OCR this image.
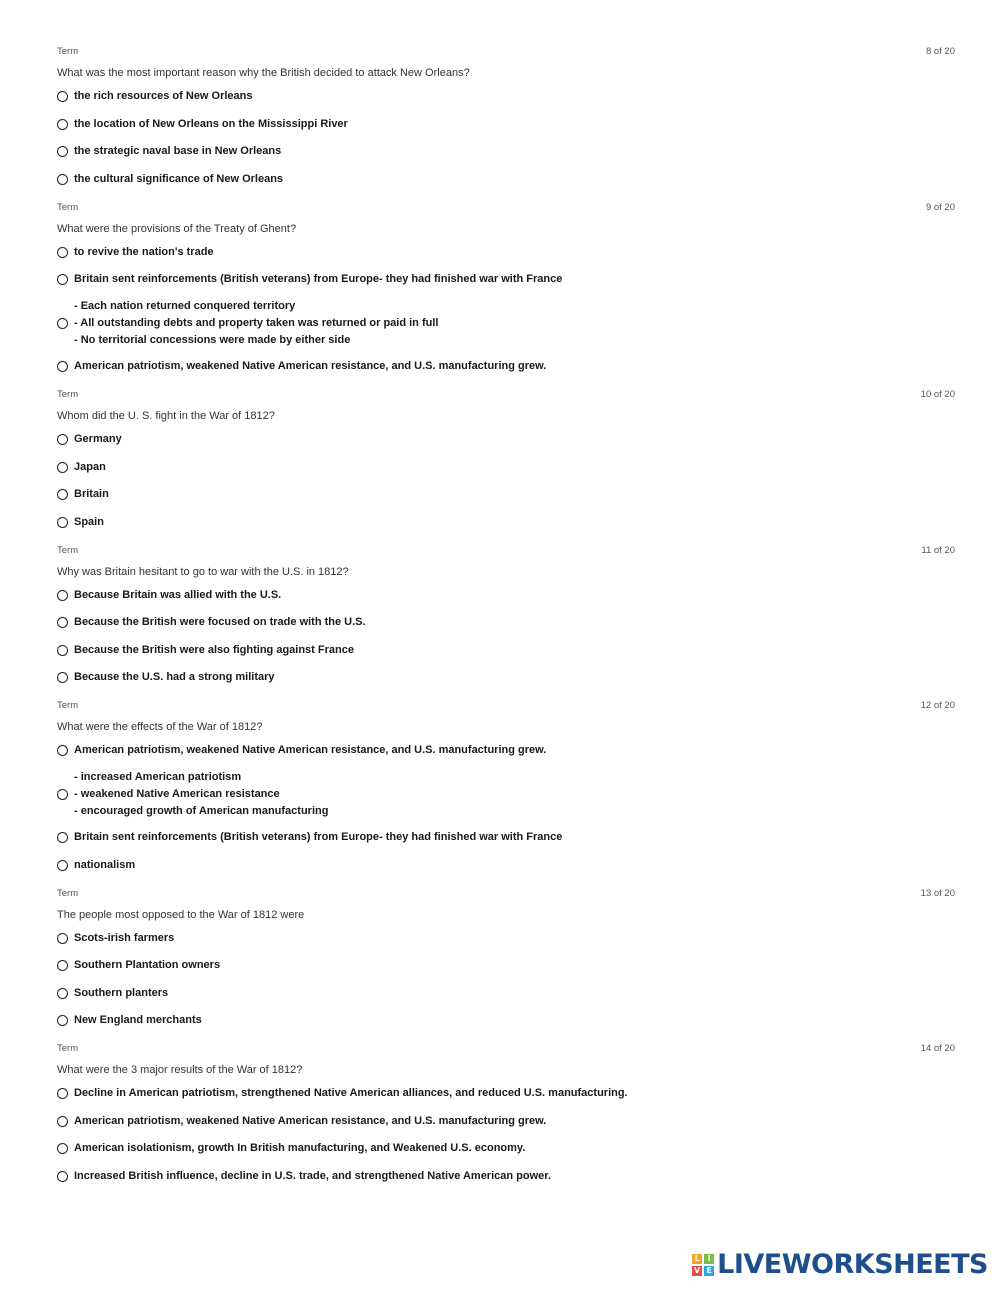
Term	8 of 20
What was the most important reason why the British decided to attack New Orleans?
the rich resources of New Orleans
the location of New Orleans on the Mississippi River
the strategic naval base in New Orleans
the cultural significance of New Orleans
Term	9 of 20
What were the provisions of the Treaty of Ghent?
to revive the nation's trade
Britain sent reinforcements (British veterans) from Europe- they had finished war with France
- Each nation returned conquered territory
- All outstanding debts and property taken was returned or paid in full
- No territorial concessions were made by either side
American patriotism, weakened Native American resistance, and U.S. manufacturing grew.
Term	10 of 20
Whom did the U. S. fight in the War of 1812?
Germany
Japan
Britain
Spain
Term	11 of 20
Why was Britain hesitant to go to war with the U.S. in 1812?
Because Britain was allied with the U.S.
Because the British were focused on trade with the U.S.
Because the British were also fighting against France
Because the U.S. had a strong military
Term	12 of 20
What were the effects of the War of 1812?
American patriotism, weakened Native American resistance, and U.S. manufacturing grew.
- increased American patriotism
- weakened Native American resistance
- encouraged growth of American manufacturing
Britain sent reinforcements (British veterans) from Europe- they had finished war with France
nationalism
Term	13 of 20
The people most opposed to the War of 1812 were
Scots-irish farmers
Southern Plantation owners
Southern planters
New England merchants
Term	14 of 20
What were the 3 major results of the War of 1812?
Decline in American patriotism, strengthened Native American alliances, and reduced U.S. manufacturing.
American patriotism, weakened Native American resistance, and U.S. manufacturing grew.
American isolationism, growth In British manufacturing, and Weakened U.S. economy.
Increased British influence, decline in U.S. trade, and strengthened Native American power.
L I
V E LIVEWORKSHEETS
